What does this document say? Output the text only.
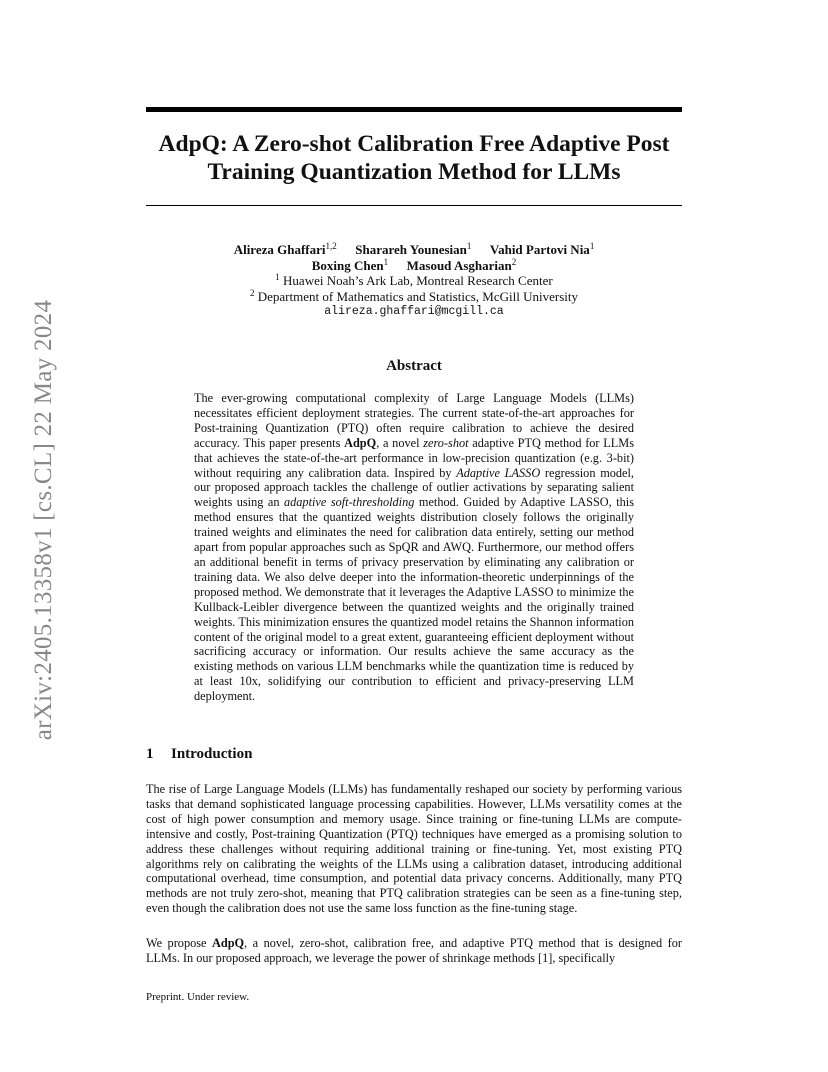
arXiv:2405.13358v1 [cs.CL] 22 May 2024
AdpQ: A Zero-shot Calibration Free Adaptive Post Training Quantization Method for LLMs
Alireza Ghaffari$^{1,2}$ Sharareh Younesian$^1$ Vahid Partovi Nia$^1$
Boxing Chen$^1$ Masoud Asgharian$^2$
$^1$ Huawei Noah’s Ark Lab, Montreal Research Center
$^2$ Department of Mathematics and Statistics, McGill University
alireza.ghaffari@mcgill.ca
Abstract

The ever-growing computational complexity of Large Language Models (LLMs) necessitates efficient deployment strategies. The current state-of-the-art approaches for Post-training Quantization (PTQ) often require calibration to achieve the desired accuracy. This paper presents AdpQ, a novel zero-shot adaptive PTQ method for LLMs that achieves the state-of-the-art performance in low-precision quantization (e.g. 3-bit) without requiring any calibration data. Inspired by Adaptive LASSO regression model, our proposed approach tackles the challenge of outlier activations by separating salient weights using an adaptive soft-thresholding method. Guided by Adaptive LASSO, this method ensures that the quantized weights distribution closely follows the originally trained weights and eliminates the need for calibration data entirely, setting our method apart from popular approaches such as SpQR and AWQ. Furthermore, our method offers an additional benefit in terms of privacy preservation by eliminating any calibration or training data. We also delve deeper into the information-theoretic underpinnings of the proposed method. We demonstrate that it leverages the Adaptive LASSO to minimize the Kullback-Leibler divergence between the quantized weights and the originally trained weights. This minimization ensures the quantized model retains the Shannon information content of the original model to a great extent, guaranteeing efficient deployment without sacrificing accuracy or information. Our results achieve the same accuracy as the existing methods on various LLM benchmarks while the quantization time is reduced by at least 10x, solidifying our contribution to efficient and privacy-preserving LLM deployment.

1 Introduction

The rise of Large Language Models (LLMs) has fundamentally reshaped our society by performing various tasks that demand sophisticated language processing capabilities. However, LLMs versatility comes at the cost of high power consumption and memory usage. Since training or fine-tuning LLMs are compute-intensive and costly, Post-training Quantization (PTQ) techniques have emerged as a promising solution to address these challenges without requiring additional training or fine-tuning. Yet, most existing PTQ algorithms rely on calibrating the weights of the LLMs using a calibration dataset, introducing additional computational overhead, time consumption, and potential data privacy concerns. Additionally, many PTQ methods are not truly zero-shot, meaning that PTQ calibration strategies can be seen as a fine-tuning step, even though the calibration does not use the same loss function as the fine-tuning stage.

We propose AdpQ, a novel, zero-shot, calibration free, and adaptive PTQ method that is designed for LLMs. In our proposed approach, we leverage the power of shrinkage methods [1], specifically

Preprint. Under review.
